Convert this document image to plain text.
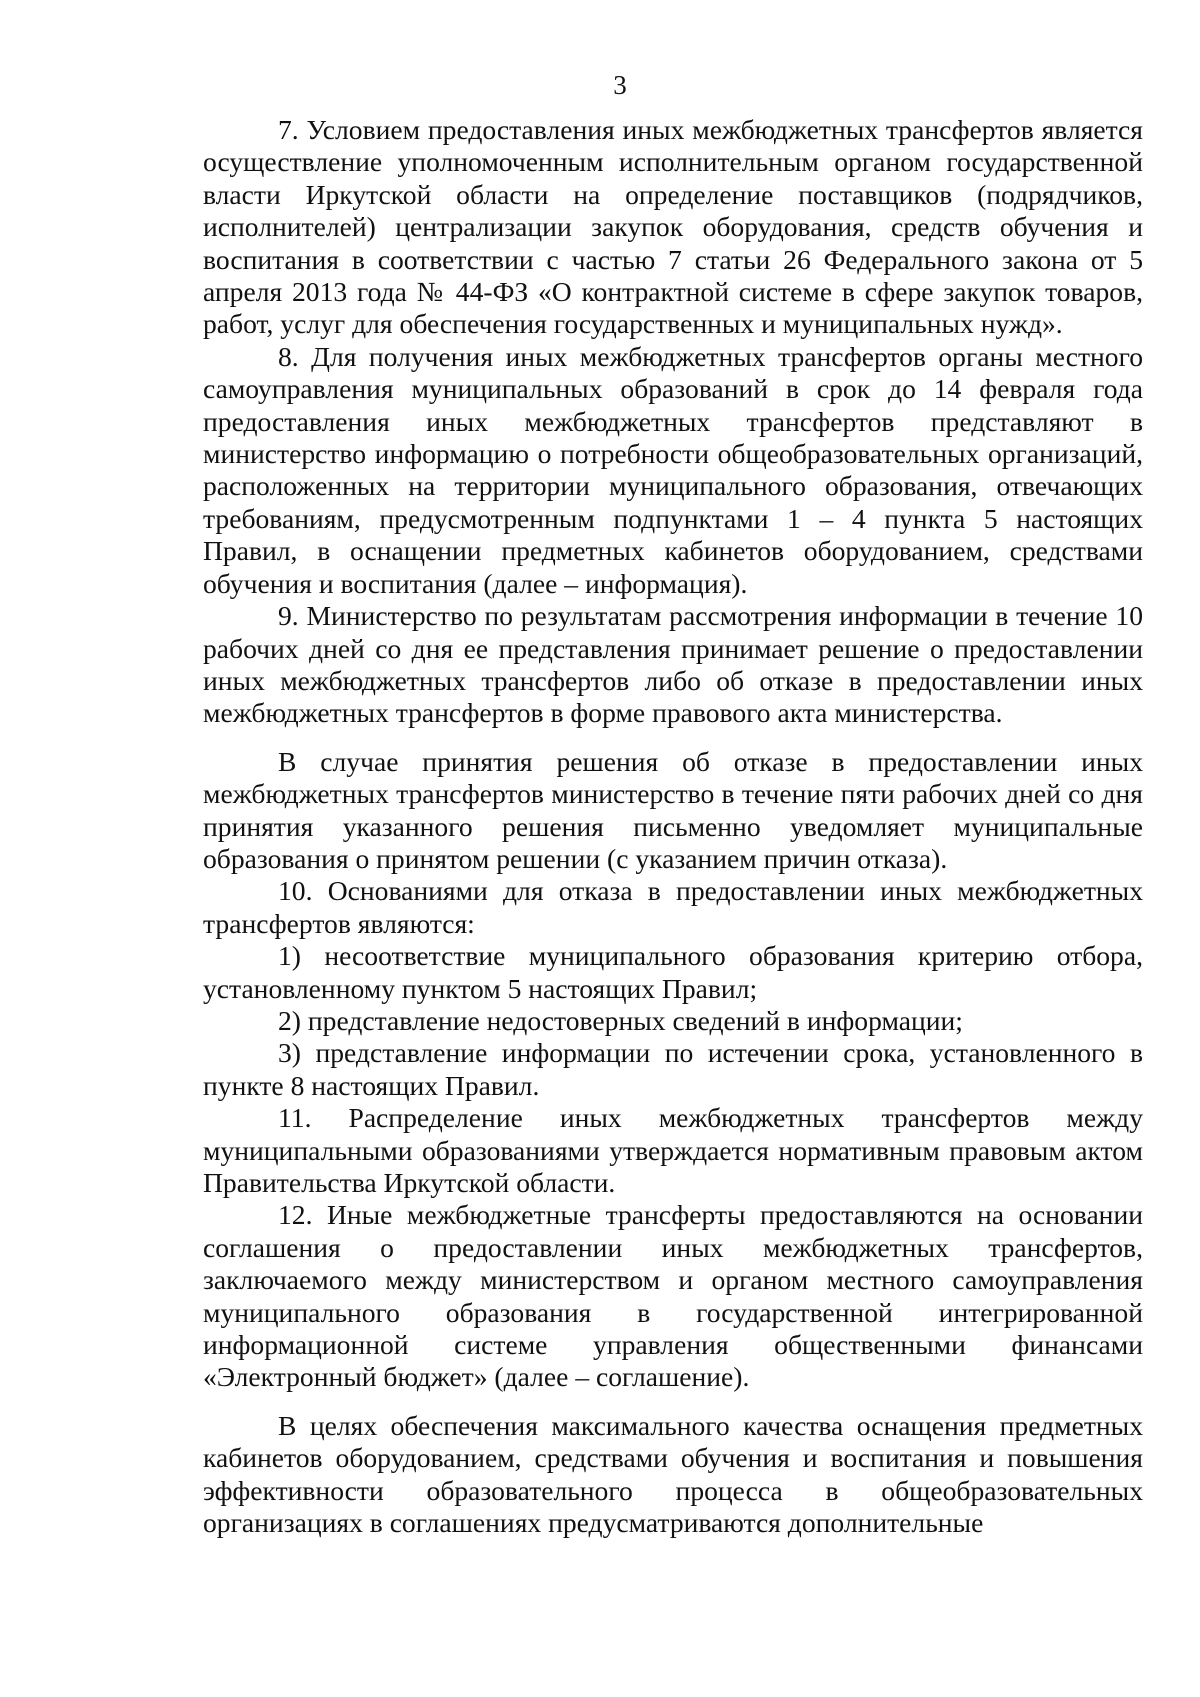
3

7. Условием предоставления иных межбюджетных трансфертов является осуществление уполномоченным исполнительным органом государственной власти Иркутской области на определение поставщиков (подрядчиков, исполнителей) централизации закупок оборудования, средств обучения и воспитания в соответствии с частью 7 статьи 26 Федерального закона от 5 апреля 2013 года № 44-ФЗ «О контрактной системе в сфере закупок товаров, работ, услуг для обеспечения государственных и муниципальных нужд».

8. Для получения иных межбюджетных трансфертов органы местного самоуправления муниципальных образований в срок до 14 февраля года предоставления иных межбюджетных трансфертов представляют в министерство информацию о потребности общеобразовательных организаций, расположенных на территории муниципального образования, отвечающих требованиям, предусмотренным подпунктами 1 – 4 пункта 5 настоящих Правил, в оснащении предметных кабинетов оборудованием, средствами обучения и воспитания (далее – информация).

9. Министерство по результатам рассмотрения информации в течение 10 рабочих дней со дня ее представления принимает решение о предоставлении иных межбюджетных трансфертов либо об отказе в предоставлении иных межбюджетных трансфертов в форме правового акта министерства.

В случае принятия решения об отказе в предоставлении иных межбюджетных трансфертов министерство в течение пяти рабочих дней со дня принятия указанного решения письменно уведомляет муниципальные образования о принятом решении (с указанием причин отказа).

10. Основаниями для отказа в предоставлении иных межбюджетных трансфертов являются:

1) несоответствие муниципального образования критерию отбора, установленному пунктом 5 настоящих Правил;

2) представление недостоверных сведений в информации;

3) представление информации по истечении срока, установленного в пункте 8 настоящих Правил.

11. Распределение иных межбюджетных трансфертов между муниципальными образованиями утверждается нормативным правовым актом Правительства Иркутской области.

12. Иные межбюджетные трансферты предоставляются на основании соглашения о предоставлении иных межбюджетных трансфертов, заключаемого между министерством и органом местного самоуправления муниципального образования в государственной интегрированной информационной системе управления общественными финансами «Электронный бюджет» (далее – соглашение).

В целях обеспечения максимального качества оснащения предметных кабинетов оборудованием, средствами обучения и воспитания и повышения эффективности образовательного процесса в общеобразовательных организациях в соглашениях предусматриваются дополнительные
